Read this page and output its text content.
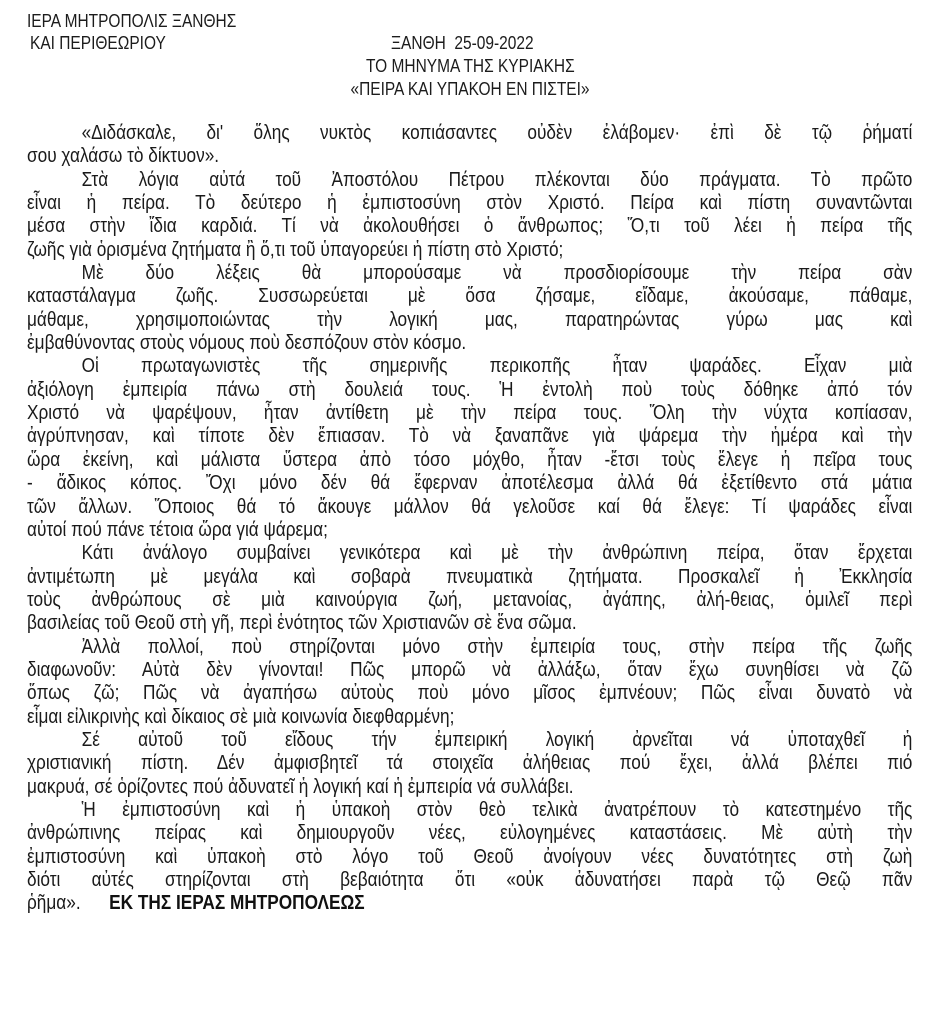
ΙΕΡΑ ΜΗΤΡΟΠΟΛΙΣ ΞΑΝΘΗΣ
ΚΑΙ ΠΕΡΙΘΕΩΡΙΟΥ	ΞΑΝΘΗ  25-09-2022
ΤΟ ΜΗΝΥΜΑ ΤΗΣ ΚΥΡΙΑΚΗΣ
«ΠΕΙΡΑ ΚΑΙ ΥΠΑΚΟΗ ΕΝ ΠΙΣΤΕΙ»
«Διδάσκαλε, δι' ὅλης νυκτὸς κοπιάσαντες οὐδὲν ἐλάβομεν· ἐπὶ δὲ τῷ ῥήματί
σου χαλάσω τὸ δίκτυον».
Στὰ λόγια αὐτά τοῦ Ἀποστόλου Πέτρου πλέκονται δύο πράγματα. Τὸ πρῶτο
εἶναι ἡ πείρα. Τὸ δεύτερο ἡ ἐμπιστοσύνη στὸν Χριστό. Πείρα καὶ πίστη συναντῶνται
μέσα στὴν ἴδια καρδιά. Τί νὰ ἀκολουθήσει ὁ ἄνθρωπος; Ὅ,τι τοῦ λέει ἡ πείρα τῆς
ζωῆς γιὰ ὁρισμένα ζητήματα ἢ ὅ,τι τοῦ ὑπαγορεύει ἡ πίστη στὸ Χριστό;
Μὲ δύο λέξεις θὰ μπορούσαμε νὰ προσδιορίσουμε τὴν πείρα σὰν
καταστάλαγμα ζωῆς. Συσσωρεύεται μὲ ὅσα ζήσαμε, εἴδαμε, ἀκούσαμε, πάθαμε,
μάθαμε, χρησιμοποιώντας τὴν λογική μας, παρατηρώντας γύρω μας καὶ
ἐμβαθύνοντας στοὺς νόμους ποὺ δεσπόζουν στὸν κόσμο.
Οἱ πρωταγωνιστὲς τῆς σημερινῆς περικοπῆς ἦταν ψαράδες. Εἶχαν μιὰ
ἀξιόλογη ἐμπειρία πάνω στὴ δουλειά τους. Ἡ ἐντολὴ ποὺ τοὺς δόθηκε ἀπό τόν
Χριστό νὰ ψαρέψουν, ἦταν ἀντίθετη μὲ τὴν πείρα τους. Ὅλη τὴν νύχτα κοπίασαν,
ἀγρύπνησαν, καὶ τίποτε δὲν ἔπιασαν. Τὸ νὰ ξαναπᾶνε γιὰ ψάρεμα τὴν ἡμέρα καὶ τὴν
ὥρα ἐκείνη, καὶ μάλιστα ὕστερα ἀπὸ τόσο μόχθο, ἦταν -ἔτσι τοὺς ἔλεγε ἡ πεῖρα τους
- ἄδικος κόπος. Ὄχι μόνο δέν θά ἔφερναν ἀποτέλεσμα ἀλλά θά ἐξετίθεντο στά μάτια
τῶν ἄλλων. Ὅποιος θά τό ἄκουγε μάλλον θά γελοῦσε καί θά ἔλεγε: Τί ψαράδες εἶναι
αὐτοί πού πάνε τέτοια ὥρα γιά ψάρεμα;
Κάτι ἀνάλογο συμβαίνει γενικότερα καὶ μὲ τὴν ἀνθρώπινη πείρα, ὅταν ἔρχεται
ἀντιμέτωπη μὲ μεγάλα καὶ σοβαρὰ πνευματικὰ ζητήματα. Προσκαλεῖ ἡ Ἐκκλησία
τοὺς ἀνθρώπους σὲ μιὰ καινούργια ζωή, μετανοίας, ἀγάπης, ἀλή-θειας, ὁμιλεῖ περὶ
βασιλείας τοῦ Θεοῦ στὴ γῆ, περὶ ἑνότητος τῶν Χριστιανῶν σὲ ἕνα σῶμα.
Ἀλλὰ πολλοί, ποὺ στηρίζονται μόνο στὴν ἐμπειρία τους, στὴν πείρα τῆς ζωῆς
διαφωνοῦν: Αὐτὰ δὲν γίνονται! Πῶς μπορῶ νὰ ἀλλάξω, ὅταν ἔχω συνηθίσει νὰ ζῶ
ὅπως ζῶ; Πῶς νὰ ἀγαπήσω αὐτοὺς ποὺ μόνο μῖσος ἐμπνέουν; Πῶς εἶναι δυνατὸ νὰ
εἶμαι εἰλικρινὴς καὶ δίκαιος σὲ μιὰ κοινωνία διεφθαρμένη;
Σέ αὐτοῦ τοῦ εἴδους τήν ἐμπειρική λογική ἀρνεῖται νά ὑποταχθεῖ ἡ
χριστιανική πίστη. Δέν ἀμφισβητεῖ τά στοιχεῖα ἀλήθειας πού ἔχει, ἀλλά βλέπει πιό
μακρυά, σέ ὁρίζοντες πού ἀδυνατεῖ ἡ λογική καί ἡ ἐμπειρία νά συλλάβει.
Ἡ ἐμπιστοσύνη καὶ ἡ ὑπακοὴ στὸν θεὸ τελικὰ ἀνατρέπουν τὸ κατεστημένο τῆς
ἀνθρώπινης πείρας καὶ δημιουργοῦν νέες, εὐλογημένες καταστάσεις. Μὲ αὐτὴ τὴν
ἐμπιστοσύνη καὶ ὑπακοὴ στὸ λόγο τοῦ Θεοῦ ἀνοίγουν νέες δυνατότητες στὴ ζωὴ
διότι αὐτές στηρίζονται στὴ βεβαιότητα ὅτι «οὐκ ἀδυνατήσει παρὰ τῷ Θεῷ πᾶν
ῥῆμα». ΕΚ ΤΗΣ ΙΕΡΑΣ ΜΗΤΡΟΠΟΛΕΩΣ
